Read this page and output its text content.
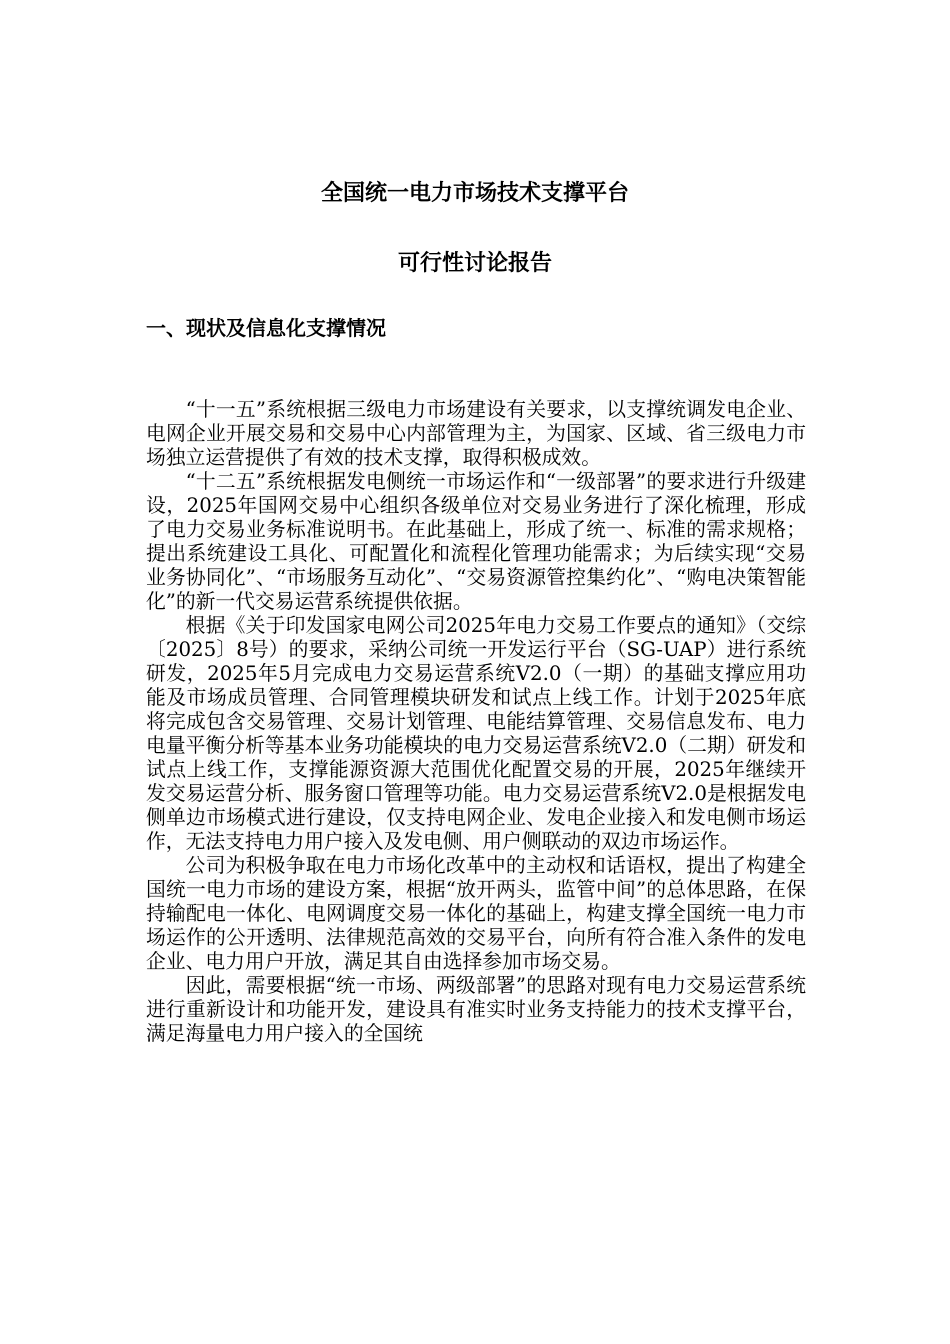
全国统一电力市场技术支撑平台
可行性讨论报告
一、现状及信息化支撑情况

“十一五”系统根据三级电力市场建设有关要求，以支撑统调发电企业、电网企业开展交易和交易中心内部管理为主，为国家、区域、省三级电力市场独立运营提供了有效的技术支撑，取得积极成效。

“十二五”系统根据发电侧统一市场运作和“一级部署”的要求进行升级建设，2025年国网交易中心组织各级单位对交易业务进行了深化梳理，形成了电力交易业务标准说明书。在此基础上，形成了统一、标准的需求规格；提出系统建设工具化、可配置化和流程化管理功能需求；为后续实现“交易业务协同化”、“市场服务互动化”、“交易资源管控集约化”、“购电决策智能化”的新一代交易运营系统提供依据。

根据《关于印发国家电网公司2025年电力交易工作要点的通知》（交综〔2025〕8号）的要求，采纳公司统一开发运行平台（SG-UAP）进行系统研发，2025年5月完成电力交易运营系统V2.0（一期）的基础支撑应用功能及市场成员管理、合同管理模块研发和试点上线工作。计划于2025年底将完成包含交易管理、交易计划管理、电能结算管理、交易信息发布、电力电量平衡分析等基本业务功能模块的电力交易运营系统V2.0（二期）研发和试点上线工作，支撑能源资源大范围优化配置交易的开展，2025年继续开发交易运营分析、服务窗口管理等功能。电力交易运营系统V2.0是根据发电侧单边市场模式进行建设，仅支持电网企业、发电企业接入和发电侧市场运作，无法支持电力用户接入及发电侧、用户侧联动的双边市场运作。

公司为积极争取在电力市场化改革中的主动权和话语权，提出了构建全国统一电力市场的建设方案，根据“放开两头，监管中间”的总体思路，在保持输配电一体化、电网调度交易一体化的基础上，构建支撑全国统一电力市场运作的公开透明、法律规范高效的交易平台，向所有符合准入条件的发电企业、电力用户开放，满足其自由选择参加市场交易。

因此，需要根据“统一市场、两级部署”的思路对现有电力交易运营系统进行重新设计和功能开发，建设具有准实时业务支持能力的技术支撑平台，满足海量电力用户接入的全国统
